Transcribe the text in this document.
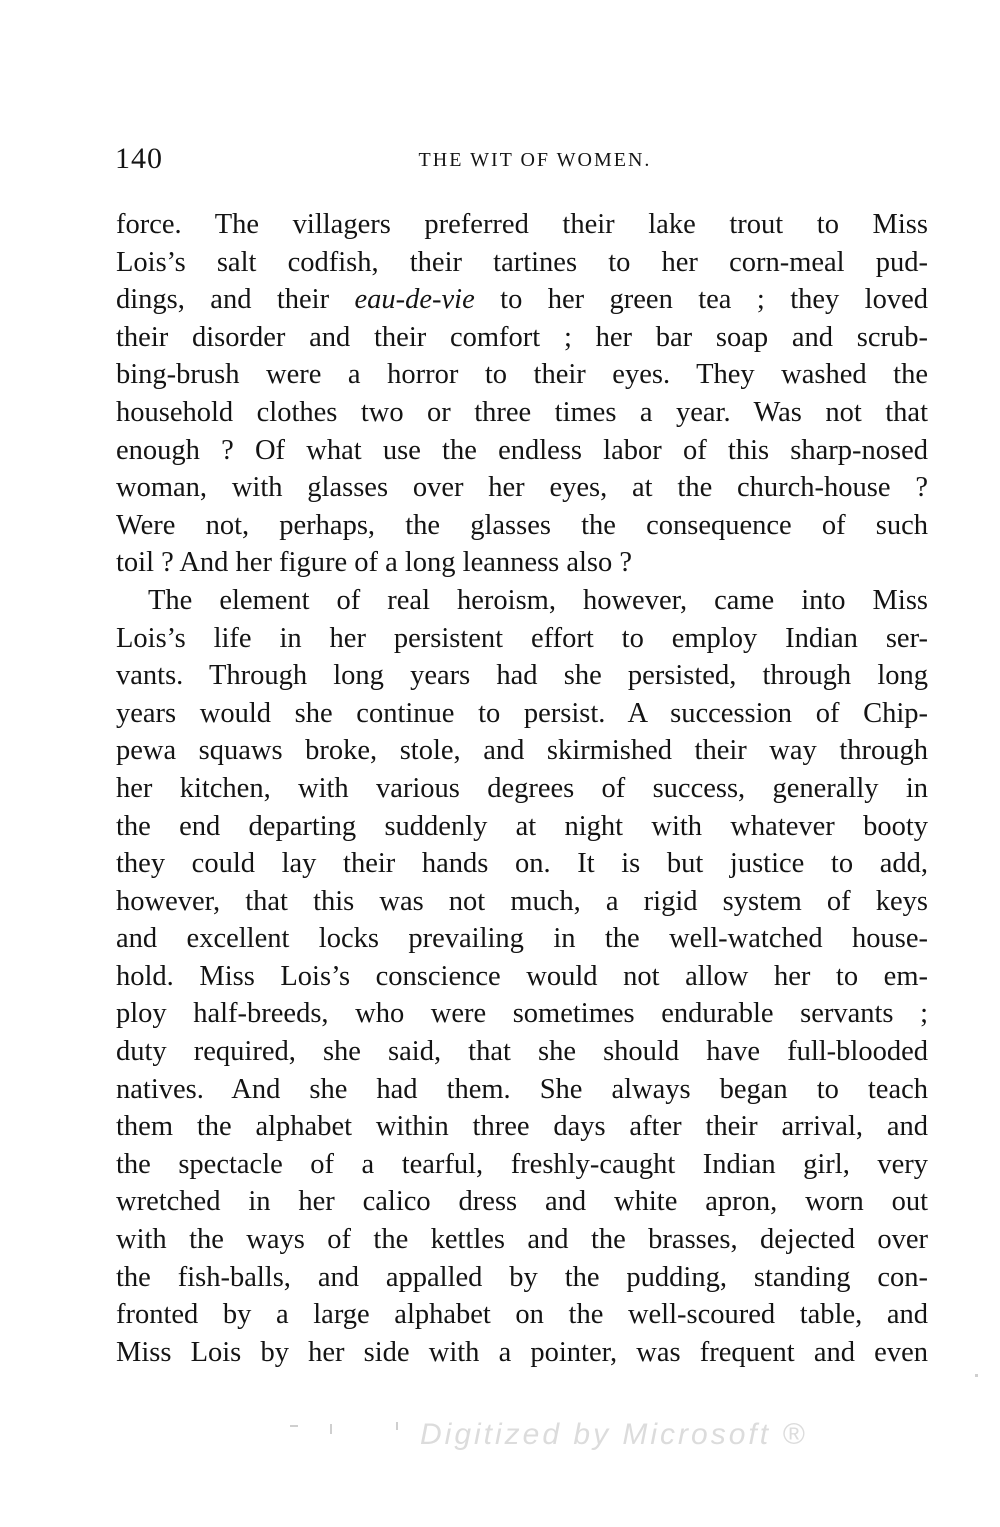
140	THE WIT OF WOMEN.
force. The villagers preferred their lake trout to Miss
Lois’s salt codfish, their tartines to her corn-meal pud-
dings, and their eau-de-vie to her green tea ; they loved
their disorder and their comfort ; her bar soap and scrub-
bing-brush were a horror to their eyes. They washed the
household clothes two or three times a year. Was not that
enough ? Of what use the endless labor of this sharp-nosed
woman, with glasses over her eyes, at the church-house ?
Were not, perhaps, the glasses the consequence of such
toil ? And her figure of a long leanness also ?
The element of real heroism, however, came into Miss
Lois’s life in her persistent effort to employ Indian ser-
vants. Through long years had she persisted, through long
years would she continue to persist. A succession of Chip-
pewa squaws broke, stole, and skirmished their way through
her kitchen, with various degrees of success, generally in
the end departing suddenly at night with whatever booty
they could lay their hands on. It is but justice to add,
however, that this was not much, a rigid system of keys
and excellent locks prevailing in the well-watched house-
hold. Miss Lois’s conscience would not allow her to em-
ploy half-breeds, who were sometimes endurable servants ;
duty required, she said, that she should have full-blooded
natives. And she had them. She always began to teach
them the alphabet within three days after their arrival, and
the spectacle of a tearful, freshly-caught Indian girl, very
wretched in her calico dress and white apron, worn out
with the ways of the kettles and the brasses, dejected over
the fish-balls, and appalled by the pudding, standing con-
fronted by a large alphabet on the well-scoured table, and
Miss Lois by her side with a pointer, was frequent and even
Digitized by Microsoft ®
